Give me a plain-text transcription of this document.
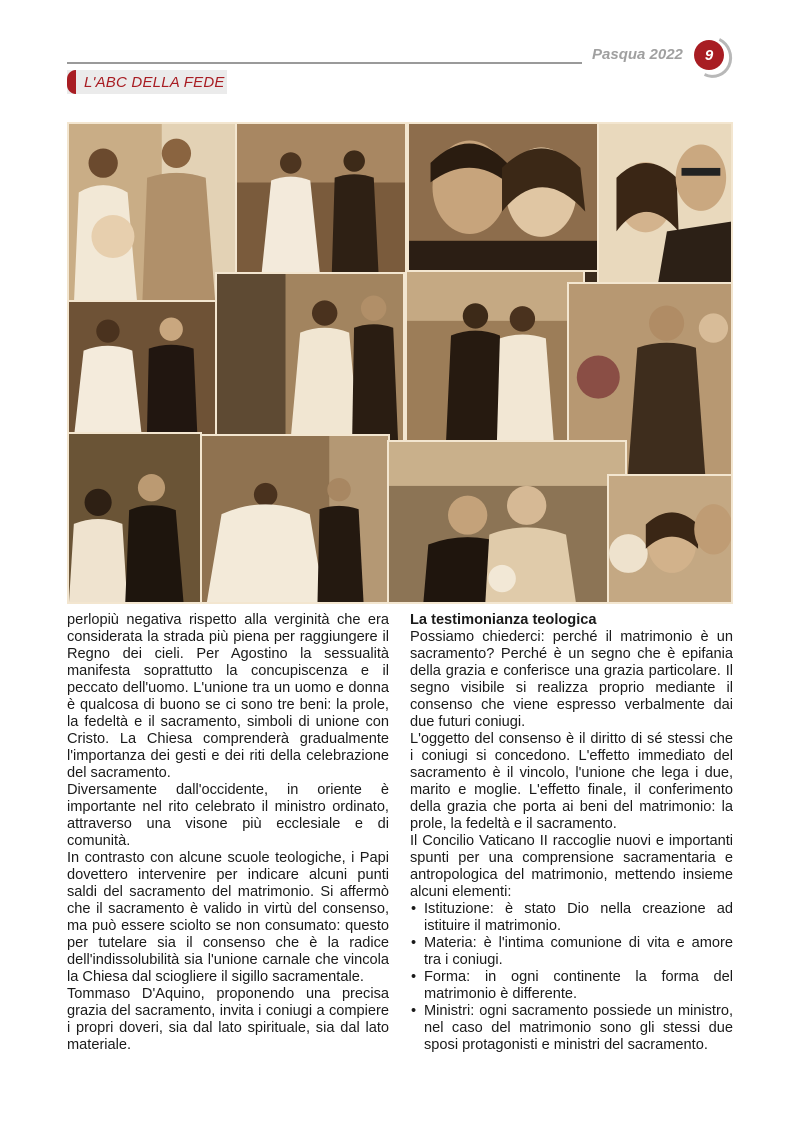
Pasqua 2022	9
L'ABC DELLA FEDE

perlopiù negativa rispetto alla verginità che era considerata la strada più piena per raggiungere il Regno dei cieli. Per Agostino la sessualità manifesta soprattutto la concupiscenza e il peccato dell'uomo. L'unione tra un uomo e donna è qualcosa di buono se ci sono tre beni: la prole, la fedeltà e il sacramento, simboli di unione con Cristo. La Chiesa comprenderà gradualmente l'importanza dei gesti e dei riti della celebrazione del sacramento.

Diversamente dall'occidente, in oriente è importante nel rito celebrato il ministro ordinato, attraverso una visone più ecclesiale e di comunità.

In contrasto con alcune scuole teologiche, i Papi dovettero intervenire per indicare alcuni punti saldi del sacramento del matrimonio. Si affermò che il sacramento è valido in virtù del consenso, ma può essere sciolto se non consumato: questo per tutelare sia il consenso che è la radice dell'indissolubilità sia l'unione carnale che vincola la Chiesa dal sciogliere il sigillo sacramentale.

Tommaso D'Aquino, proponendo una precisa grazia del sacramento, invita i coniugi a compiere i propri doveri, sia dal lato spirituale, sia dal lato materiale.

La testimonianza teologica

Possiamo chiederci: perché il matrimonio è un sacramento? Perché è un segno che è epifania della grazia e conferisce una grazia particolare. Il segno visibile si realizza proprio mediante il consenso che viene espresso verbalmente dai due futuri coniugi.

L'oggetto del consenso è il diritto di sé stessi che i coniugi si concedono. L'effetto immediato del sacramento è il vincolo, l'unione che lega i due, marito e moglie. L'effetto finale, il conferimento della grazia che porta ai beni del matrimonio: la prole, la fedeltà e il sacramento.

Il Concilio Vaticano II raccoglie nuovi e importanti spunti per una comprensione sacramentaria e antropologica del matrimonio, mettendo insieme alcuni elementi:

• Istituzione: è stato Dio nella creazione ad istituire il matrimonio.
• Materia: è l'intima comunione di vita e amore tra i coniugi.
• Forma: in ogni continente la forma del matrimonio è differente.
• Ministri: ogni sacramento possiede un ministro, nel caso del matrimonio sono gli stessi due sposi protagonisti e ministri del sacramento.
